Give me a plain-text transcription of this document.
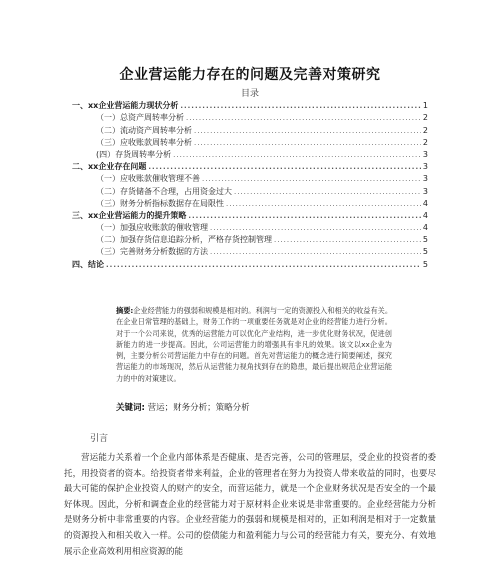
企业营运能力存在的问题及完善对策研究
目录
一、xx企业营运能力现状分析 .....	1
（一）总资产周转率分析 .....	2
（二）流动资产周转率分析 .....	2
（三）应收账款周转率分析 .....	2
(四）存货周转率分析 .....	3
二、xx企业存在问题 .....	3
（一）应收账款催收管理不善 .....	3
（二）存货储备不合理，占用资金过大 .....	3
（三）财务分析指标数据存在局限性 .....	4
三、xx企业营运能力的提升策略 .....	4
（一）加强应收账款的催收管理 .....	4
（二）加强存货信息追踪分析，严格存货控制管理 .....	5
（三）完善财务分析数据的方法 .....	5
四、结论 .....	5
摘要:企业经营能力的强弱和规模是相对的。利润与一定的资源投入和相关的收益有关。在企业日常管理的基础上，财务工作的一项重要任务就是对企业的经营能力进行分析。对于一个公司来说，优秀的运营能力可以优化产业结构，进一步优化财务状况，促进创新能力的进一步提高。因此，公司运营能力的增强具有非凡的效果。该文以xx企业为例，主要分析公司营运能力中存在的问题。首先对营运能力的概念进行简要阐述，探究营运能力的市场现况，然后从运营能力视角找到存在的隐患，最后提出规范企业营运能力的中的对策建议。
关键词: 营运；财务分析；策略分析
引言
营运能力关系着一个企业内部体系是否健康、是否完善，公司的管理层，受企业的投资者的委托，用投资者的资本。给投资者带来利益，企业的管理者在努力为投资人带来收益的同时，也要尽最大可能的保护企业投资人的财产的安全，而营运能力，就是一个企业财务状况是否安全的一个最好体现。因此，分析和调查企业的经营能力对于原材料企业来说是非常重要的。企业经营能力分析是财务分析中非常重要的内容。企业经营能力的强弱和规模是相对的，正如利润是相对于一定数量的资源投入和相关收入一样。公司的偿债能力和盈利能力与公司的经营能力有关，要充分、有效地展示企业高效利用相应资源的能
